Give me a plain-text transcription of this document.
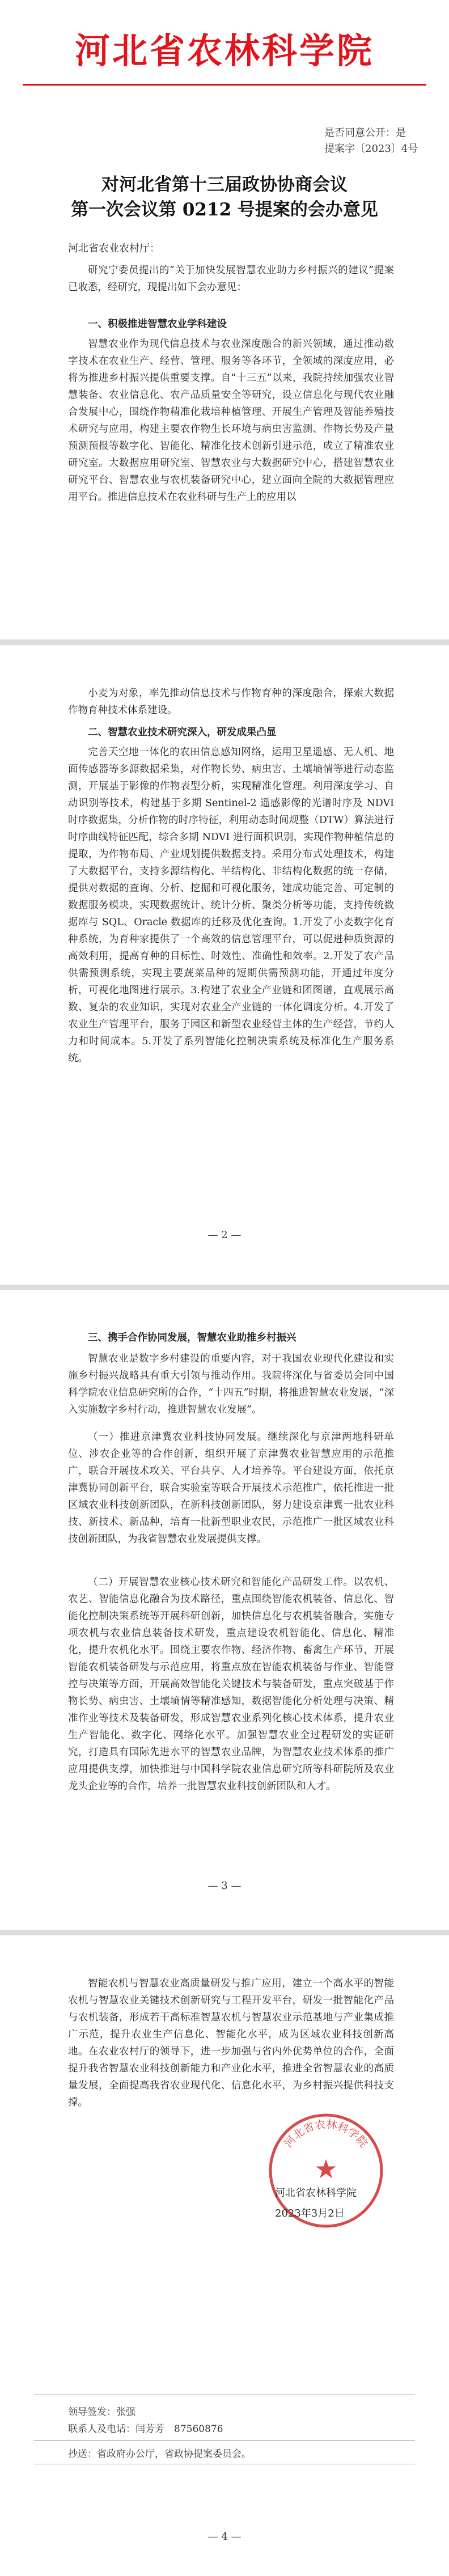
河北省农林科学院
是否同意公开：是
提案字〔2023〕4号
对河北省第十三届政协协商会议
第一次会议第 0212 号提案的会办意见
河北省农业农村厅：

研究宁委员提出的“关于加快发展智慧农业助力乡村振兴的建议”提案已收悉，经研究，现提出如下会办意见：

一、积极推进智慧农业学科建设

智慧农业作为现代信息技术与农业深度融合的新兴领域，通过推动数字技术在农业生产、经营、管理、服务等各环节，全领域的深度应用，必将为推进乡村振兴提供重要支撑。自“十三五”以来，我院持续加强农业智慧装备、农业信息化、农产品质量安全等研究，设立信息化与现代农业融合发展中心，围绕作物精准化栽培种植管理、开展生产管理及智能养殖技术研究与应用，构建主要农作物生长环境与病虫害监测、作物长势及产量预测预报等数字化、智能化、精准化技术创新引进示范，成立了精准农业研究室。大数据应用研究室、智慧农业与大数据研究中心，搭建智慧农业研究平台、智慧农业与农机装备研究中心，建立面向全院的大数据管理应用平台。推进信息技术在农业科研与生产上的应用以

小麦为对象，率先推动信息技术与作物育种的深度融合，探索大数据作物育种技术体系建设。

二、智慧农业技术研究深入，研发成果凸显

完善天空地一体化的农田信息感知网络，运用卫星遥感、无人机、地面传感器等多源数据采集，对作物长势、病虫害、土壤墒情等进行动态监测，开展基于影像的作物表型分析，实现精准化管理。利用深度学习、自动识别等技术，构建基于多期 Sentinel-2 遥感影像的光谱时序及 NDVI 时序数据集，分析作物的时序特征，利用动态时间规整（DTW）算法进行时序曲线特征匹配，综合多期 NDVI 进行面积识别，实现作物种植信息的提取，为作物布局、产业规划提供数据支持。采用分布式处理技术，构建了大数据平台，支持多源结构化、半结构化、非结构化数据的统一存储，提供对数据的查询、分析、挖掘和可视化服务，建成功能完善、可定制的数据服务模块，实现数据统计、统计分析、聚类分析等功能，支持传统数据库与 SQL、Oracle 数据库的迁移及优化查询。1.开发了小麦数字化育种系统，为育种家提供了一个高效的信息管理平台，可以促进种质资源的高效利用，提高育种的目标性、时效性、准确性和效率。2.开发了农产品供需预测系统，实现主要蔬菜品种的短期供需预测功能，开通过年度分析，可视化地图进行展示。3.构建了农业全产业链和团图谱，直观展示高数、复杂的农业知识，实现对农业全产业链的一体化调度分析。4.开发了农业生产管理平台，服务于园区和新型农业经营主体的生产经营，节约人力和时间成本。5.开发了系列智能化控制决策系统及标准化生产服务系统。

— 2 —
三、携手合作协同发展，智慧农业助推乡村振兴

智慧农业是数字乡村建设的重要内容，对于我国农业现代化建设和实施乡村振兴战略具有重大引领与推动作用。我院将深化与省委员会同中国科学院农业信息研究所的合作，“十四五”时期，将推进智慧农业发展，“深入实施数字乡村行动，推进智慧农业发展”。

（一）推进京津冀农业科技协同发展。继续深化与京津两地科研单位、涉农企业等的合作创新，组织开展了京津冀农业智慧应用的示范推广，联合开展技术攻关、平台共享、人才培养等。平台建设方面，依托京津冀协同创新平台，联合实验室等联合开展技术示范推广，依托推进一批区域农业科技创新团队，在新科技创新团队，努力建设京津冀一批农业科技、新技术、新品种，培育一批新型职业农民，示范推广一批区域农业科技创新团队，为我省智慧农业发展提供支撑。

（二）开展智慧农业核心技术研究和智能化产品研发工作。以农机、农艺、智能信息化融合为技术路径，重点围绕智能农机装备、信息化、智能化控制决策系统等开展科研创新，加快信息化与农机装备融合，实施专项农机与农业信息装备技术研发，重点建设农机智能化、信息化、精准化，提升农机化水平。围绕主要农作物、经济作物、畜禽生产环节，开展智能农机装备研发与示范应用，将重点放在智能农机装备与作业、智能管控与决策等方面，开展高效智能化关键技术与装备研发，重点突破基于作物长势、病虫害、土壤墒情等精准感知，数据智能化分析处理与决策、精准作业等技术及装备研发，形成智慧农业系列化核心技术体系，提升农业生产智能化、数字化、网络化水平。加强智慧农业全过程研发的实证研究，打造具有国际先进水平的智慧农业品牌，为智慧农业技术体系的推广应用提供支撑，加快推进与中国科学院农业信息研究所等科研院所及农业龙头企业等的合作，培养一批智慧农业科技创新团队和人才。

— 3 —

智能农机与智慧农业高质量研发与推广应用，建立一个高水平的智能农机与智慧农业关键技术创新研究与工程开发平台，研发一批智能化产品与农机装备，形成若干高标准智慧农机与智慧农业示范基地与产业集成推广示范，提升农业生产信息化、智能化水平，成为区域农业科技创新高地。在农业农村厅的领导下，进一步加强与省内外优势单位的合作，全面提升我省智慧农业科技创新能力和产业化水平，推进全省智慧农业的高质量发展，全面提高我省农业现代化、信息化水平，为乡村振兴提供科技支撑。

河北省农林科学院
★
河北省农林科学院
2023年3月2日
领导签发：张强
联系人及电话：闫芳芳　87560876
抄送：省政府办公厅，省政协提案委员会。
— 4 —
